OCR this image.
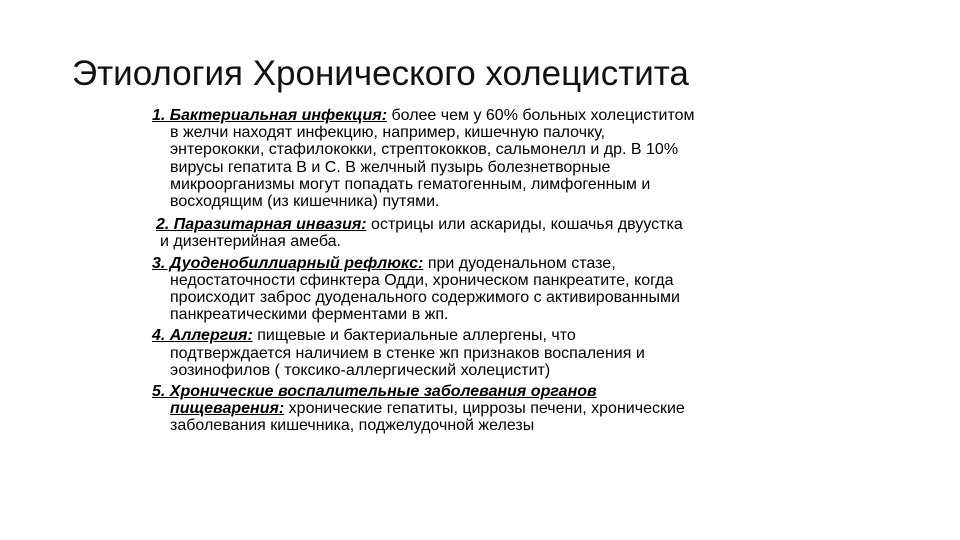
Этиология Хронического холецистита
1. Бактериальная инфекция: более чем у 60% больных холециститом
в желчи находят инфекцию, например, кишечную палочку,
энтерококки, стафилококки, стрептококков, сальмонелл и др. В 10%
вирусы гепатита В и С. В желчный пузырь болезнетворные
микроорганизмы могут попадать гематогенным, лимфогенным и
восходящим (из кишечника) путями.
2. Паразитарная инвазия: острицы или аскариды, кошачья двуустка
и дизентерийная амеба.
3. Дуоденобиллиарный рефлюкс: при дуоденальном стазе,
недостаточности сфинктера Одди, хроническом панкреатите, когда
происходит заброс дуоденального содержимого с активированными
панкреатическими ферментами в жп.
4. Аллергия: пищевые и бактериальные аллергены, что
подтверждается наличием в стенке жп признаков воспаления и
эозинофилов ( токсико-аллергический холецистит)
5. Хронические воспалительные заболевания органов
пищеварения: хронические гепатиты, циррозы печени, хронические
заболевания кишечника, поджелудочной железы
